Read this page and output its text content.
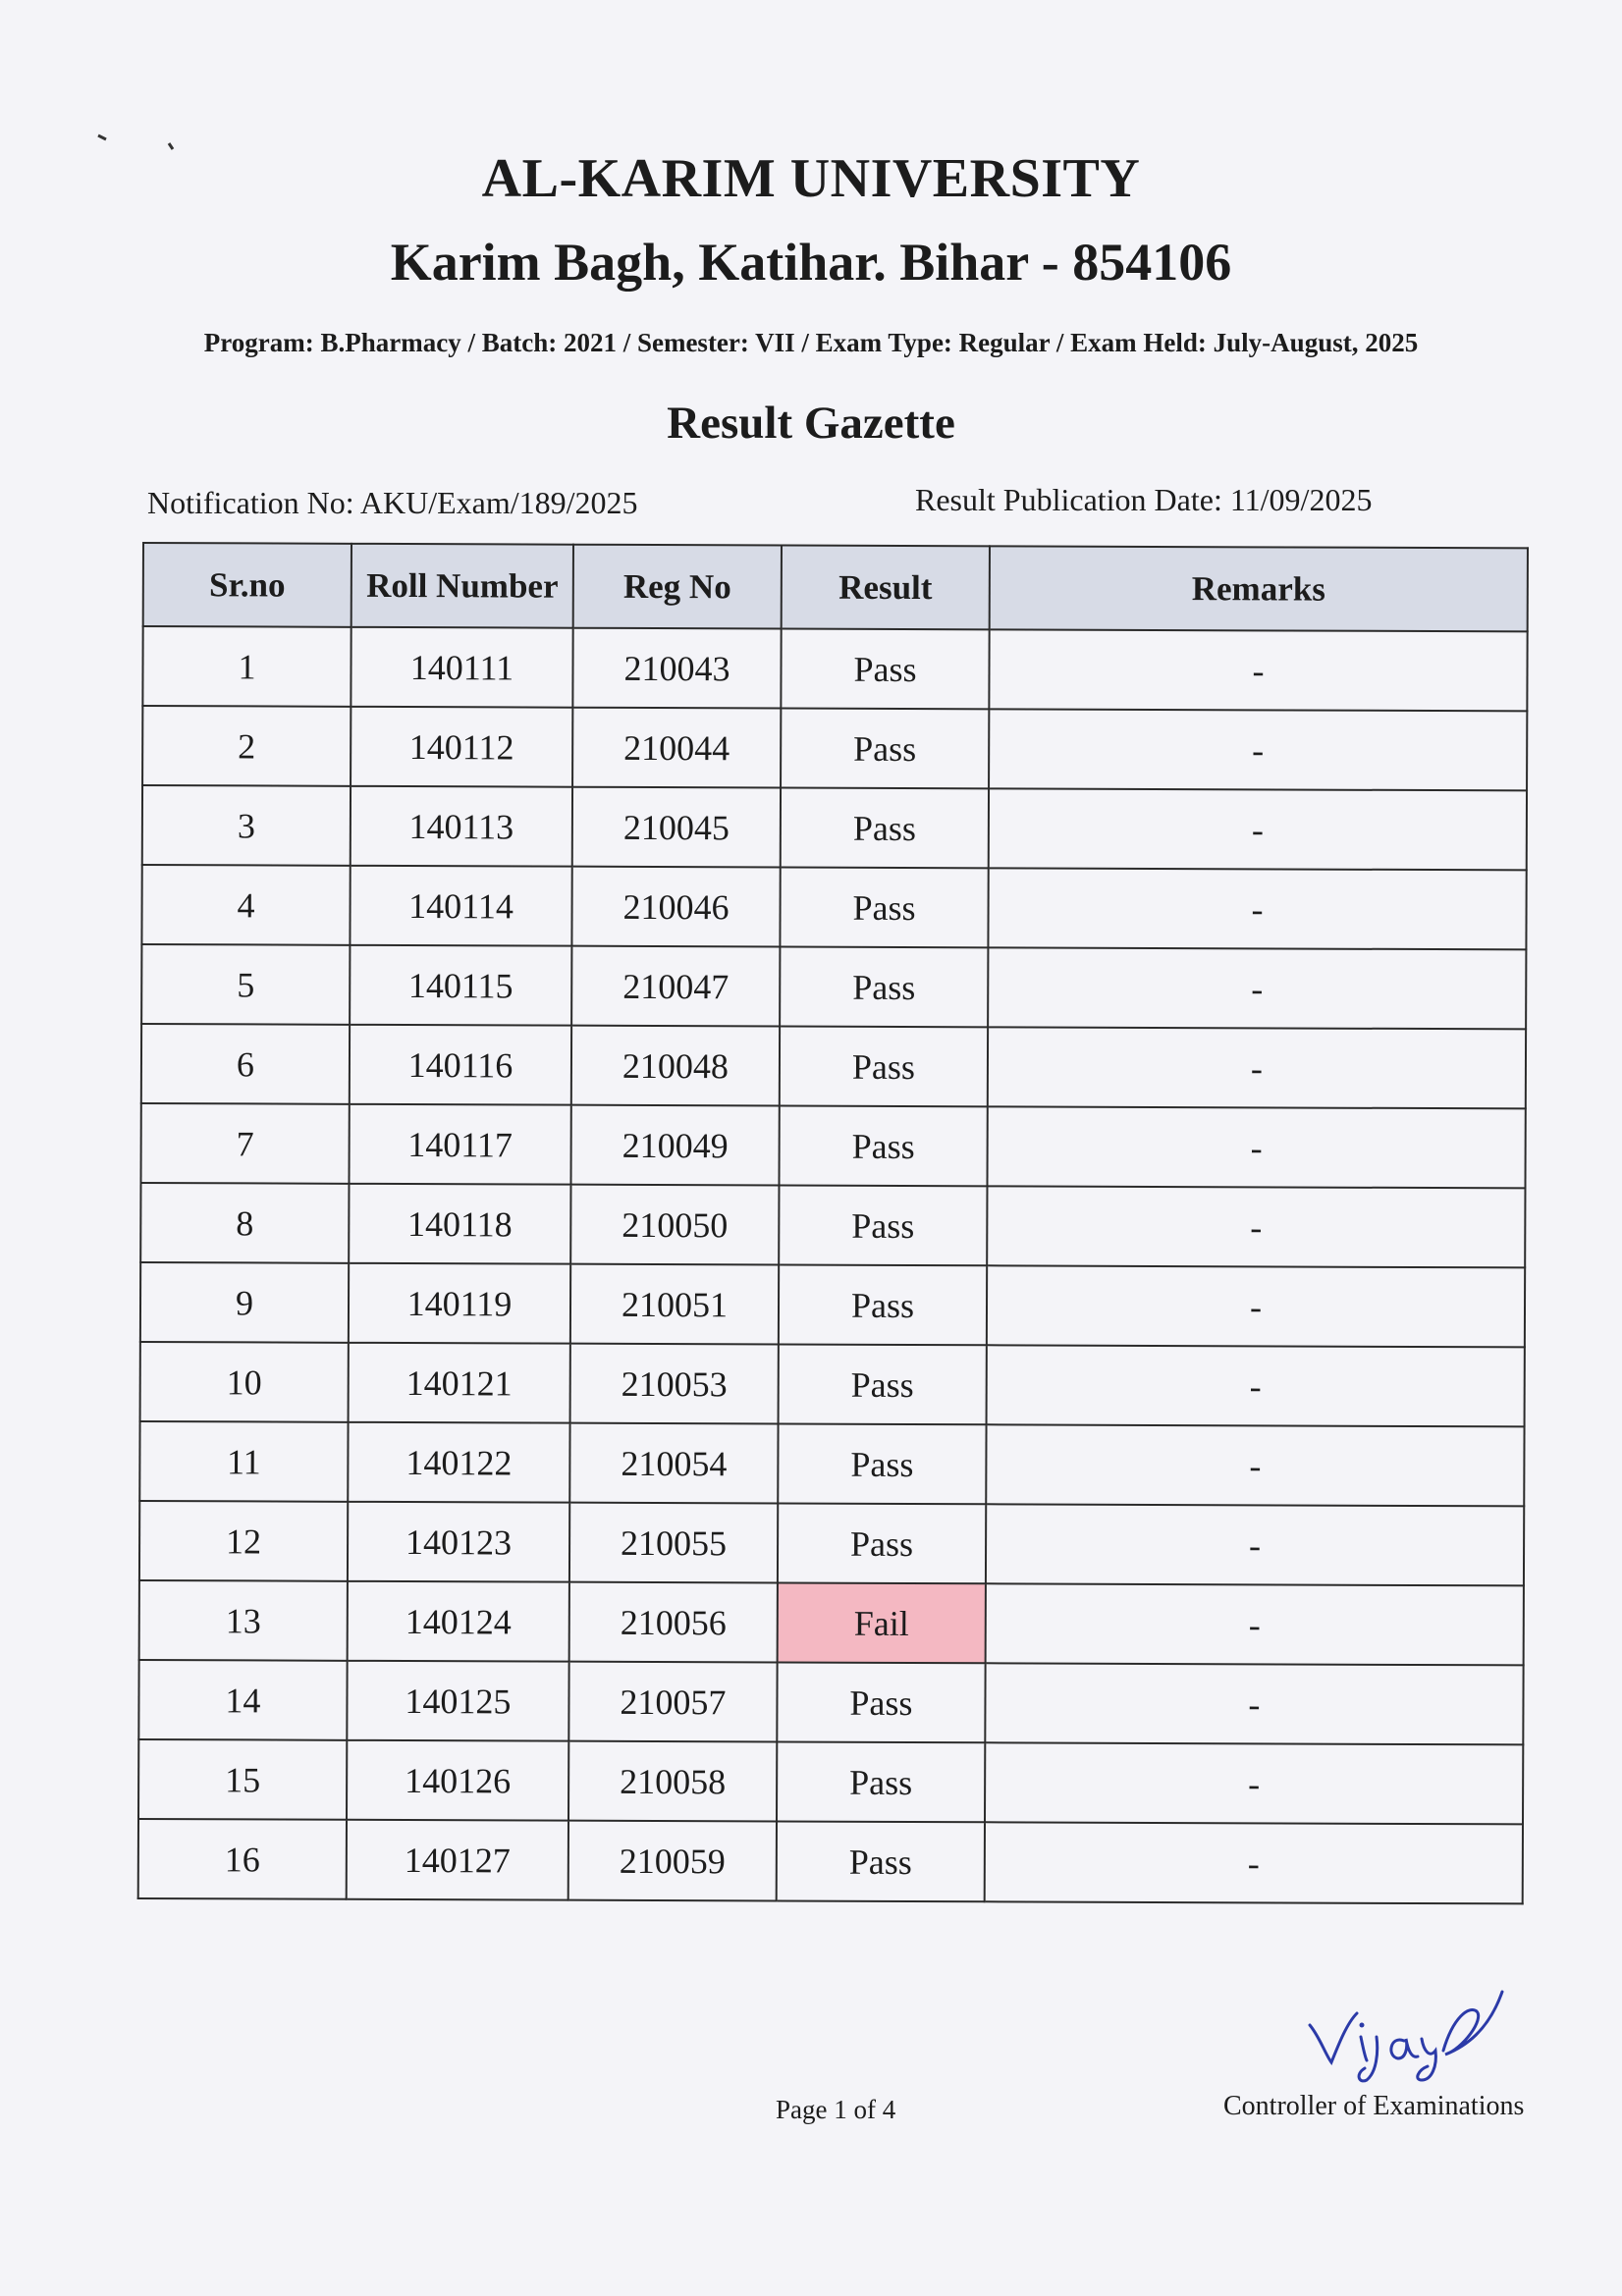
AL-KARIM UNIVERSITY
Karim Bagh, Katihar. Bihar - 854106
Program: B.Pharmacy / Batch: 2021 / Semester: VII / Exam Type: Regular / Exam Held: July-August, 2025
Result Gazette
Notification No: AKU/Exam/189/2025	Result Publication Date: 11/09/2025
Sr.no	Roll Number	Reg No	Result	Remarks
1	140111	210043	Pass	-
2	140112	210044	Pass	-
3	140113	210045	Pass	-
4	140114	210046	Pass	-
5	140115	210047	Pass	-
6	140116	210048	Pass	-
7	140117	210049	Pass	-
8	140118	210050	Pass	-
9	140119	210051	Pass	-
10	140121	210053	Pass	-
11	140122	210054	Pass	-
12	140123	210055	Pass	-
13	140124	210056	Fail	-
14	140125	210057	Pass	-
15	140126	210058	Pass	-
16	140127	210059	Pass	-
Page 1 of 4	Controller of Examinations
